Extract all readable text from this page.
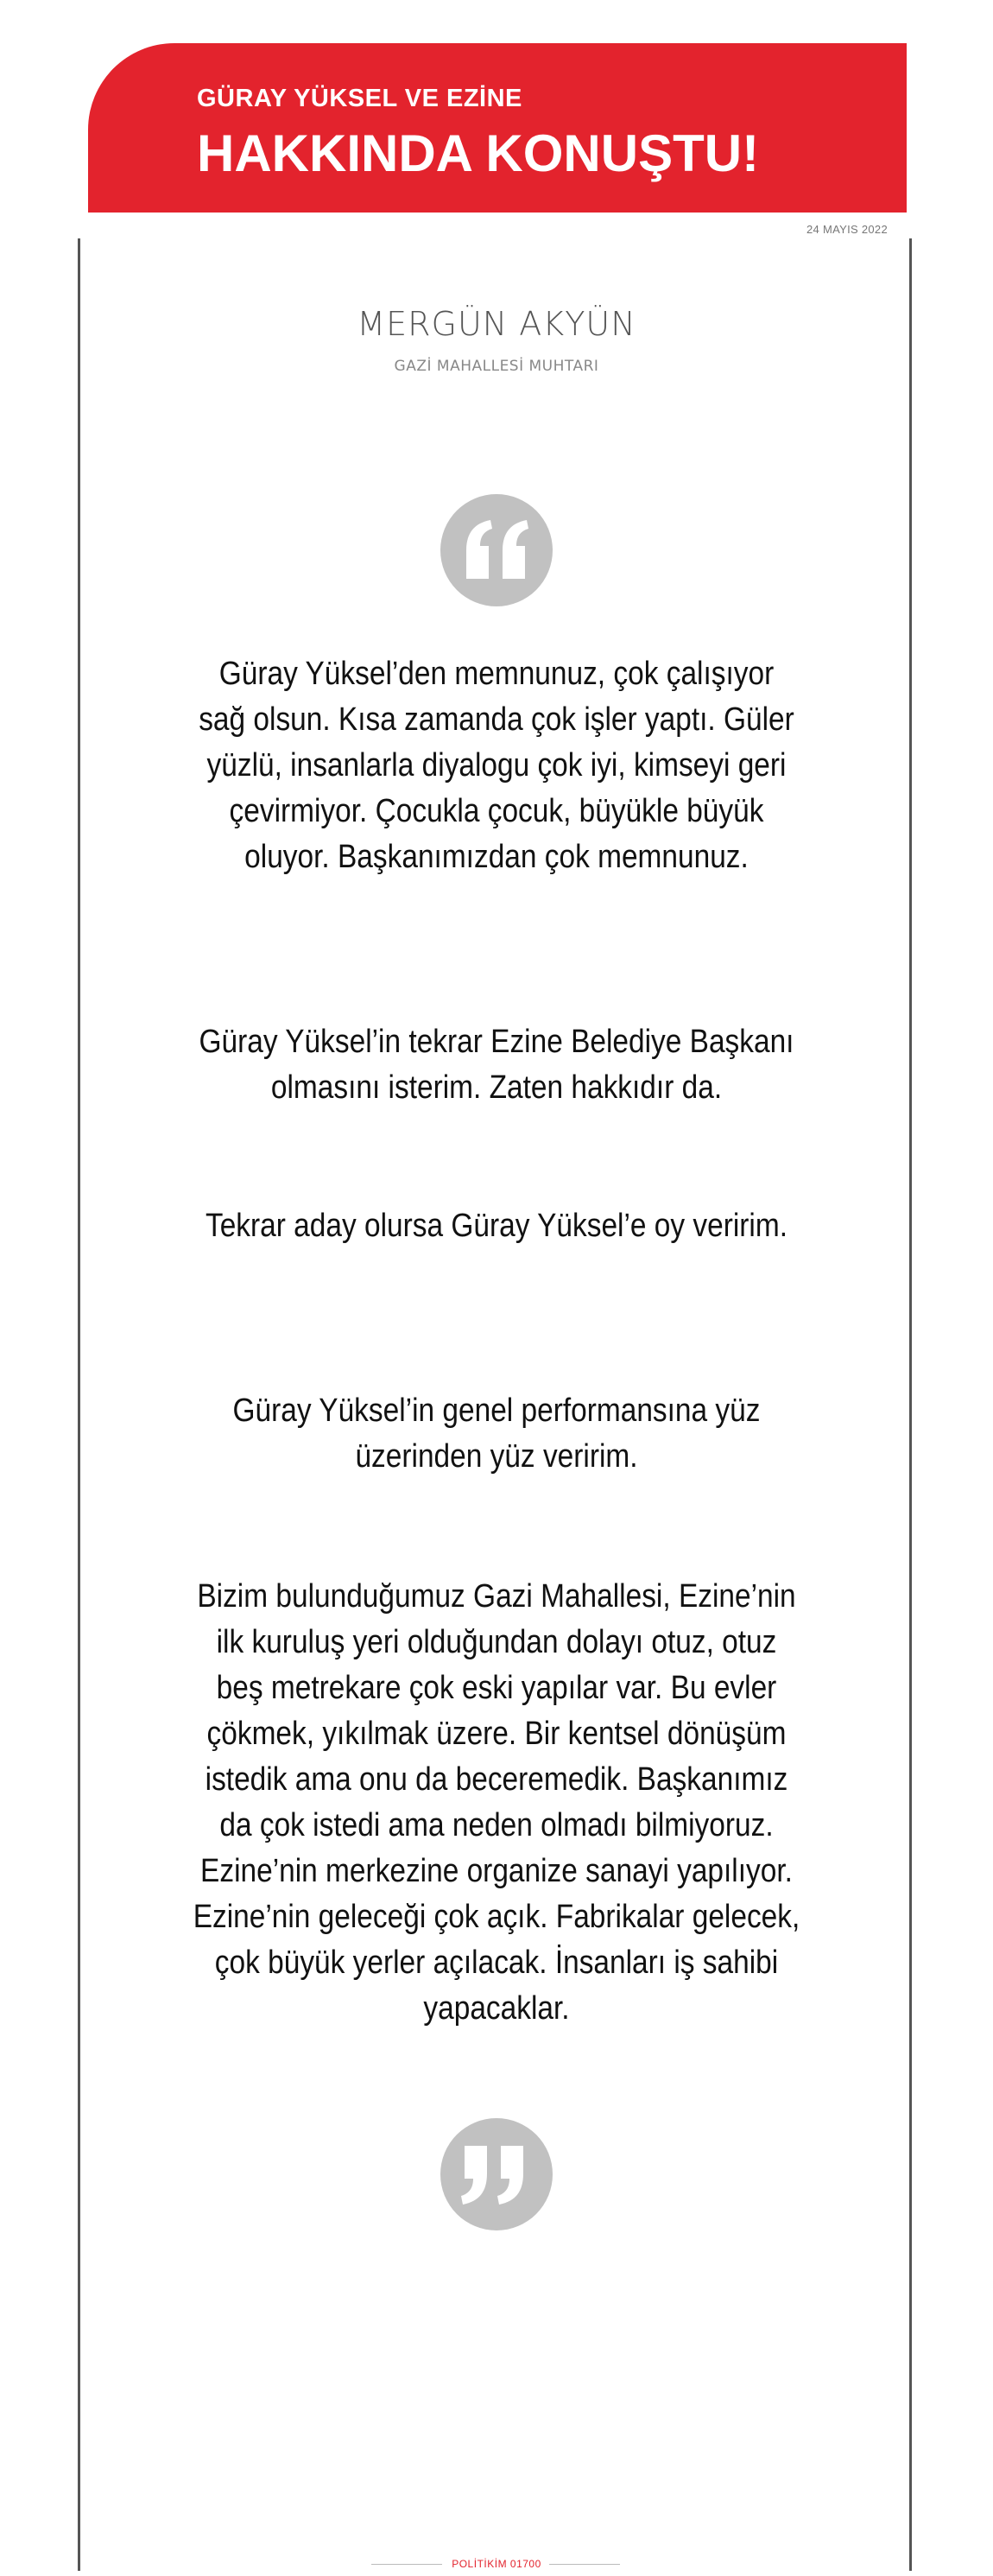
GÜRAY YÜKSEL VE EZİNE
HAKKINDA KONUŞTU!
24 MAYIS 2022
MERGÜN AKYÜN
GAZİ MAHALLESİ MUHTARI
Güray Yüksel’den memnunuz, çok çalışıyor sağ olsun. Kısa zamanda çok işler yaptı. Güler yüzlü, insanlarla diyalogu çok iyi, kimseyi geri çevirmiyor. Çocukla çocuk, büyükle büyük oluyor. Başkanımızdan çok memnunuz.
Güray Yüksel’in tekrar Ezine Belediye Başkanı olmasını isterim. Zaten hakkıdır da.
Tekrar aday olursa Güray Yüksel’e oy veririm.
Güray Yüksel’in genel performansına yüz üzerinden yüz veririm.
Bizim bulunduğumuz Gazi Mahallesi, Ezine’nin ilk kuruluş yeri olduğundan dolayı otuz, otuz beş metrekare çok eski yapılar var. Bu evler çökmek, yıkılmak üzere. Bir kentsel dönüşüm istedik ama onu da beceremedik. Başkanımız da çok istedi ama neden olmadı bilmiyoruz. Ezine’nin merkezine organize sanayi yapılıyor. Ezine’nin geleceği çok açık. Fabrikalar gelecek, çok büyük yerler açılacak. İnsanları iş sahibi yapacaklar.
POLİTİKİM 01700
